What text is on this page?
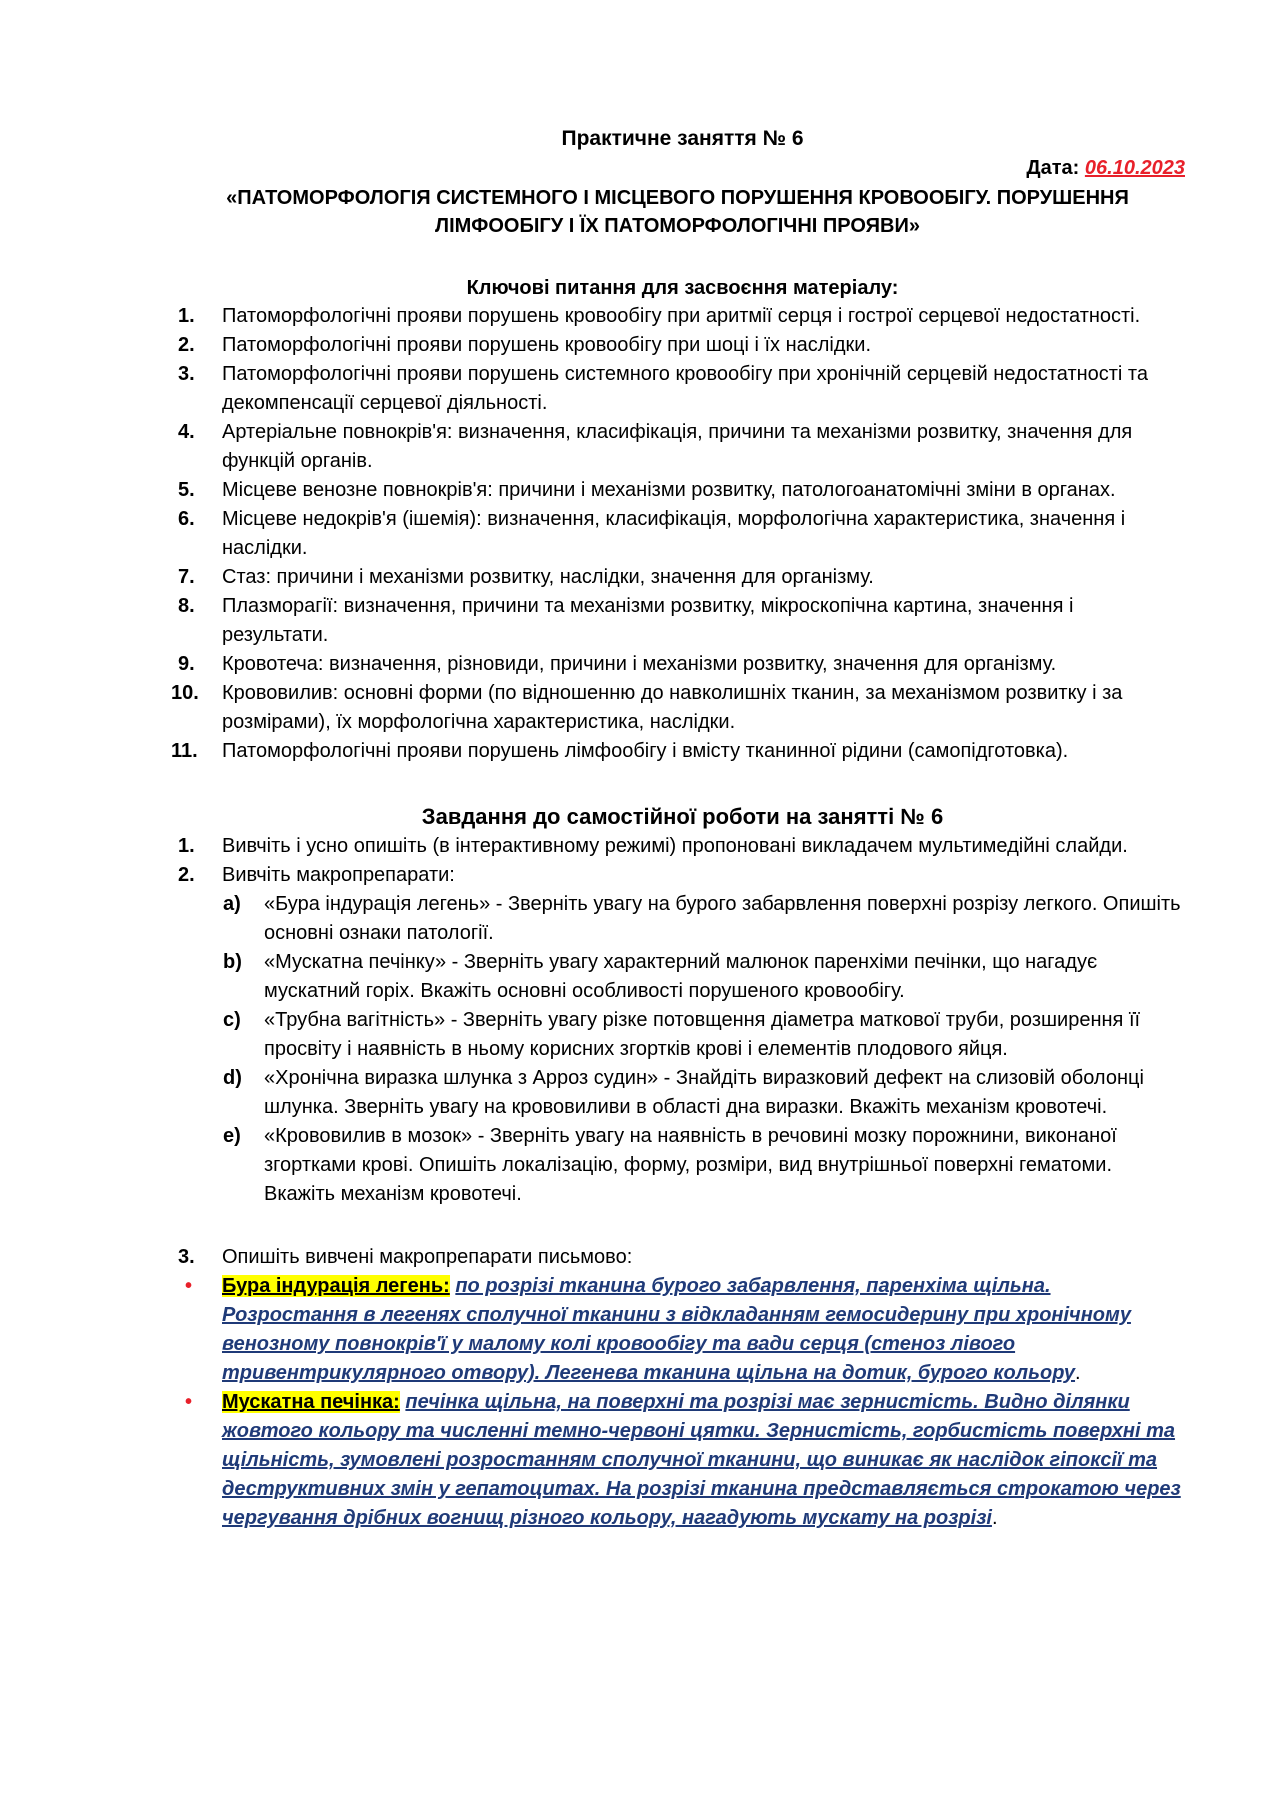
Практичне заняття № 6

Дата: 06.10.2023

«ПАТОМОРФОЛОГІЯ СИСТЕМНОГО І МІСЦЕВОГО ПОРУШЕННЯ КРОВООБІГУ. ПОРУШЕННЯ ЛІМФООБІГУ І ЇХ ПАТОМОРФОЛОГІЧНІ ПРОЯВИ»

Ключові питання для засвоєння матеріалу:

1.	Патоморфологічні прояви порушень кровообігу при аритмії серця і гострої серцевої недостатності.
2.	Патоморфологічні прояви порушень кровообігу при шоці і їх наслідки.
3.	Патоморфологічні прояви порушень системного кровообігу при хронічній серцевій недостатності та декомпенсації серцевої діяльності.
4.	Артеріальне повнокрів'я: визначення, класифікація, причини та механізми розвитку, значення для функцій органів.
5.	Місцеве венозне повнокрів'я: причини і механізми розвитку, патологоанатомічні зміни в органах.
6.	Місцеве недокрів'я (ішемія): визначення, класифікація, морфологічна характеристика, значення і наслідки.
7.	Стаз: причини і механізми розвитку, наслідки, значення для організму.
8.	Плазморагії: визначення, причини та механізми розвитку, мікроскопічна картина, значення і результати.
9.	Кровотеча: визначення, різновиди, причини і механізми розвитку, значення для організму.
10.	Крововилив: основні форми (по відношенню до навколишніх тканин, за механізмом розвитку і за розмірами), їх морфологічна характеристика, наслідки.
11.	Патоморфологічні прояви порушень лімфообігу і вмісту тканинної рідини (самопідготовка).

Завдання до самостійної роботи на занятті № 6

1.	Вивчіть і усно опишіть (в інтерактивному режимі) пропоновані викладачем мультимедійні слайди.
2.	Вивчіть макропрепарати:
a) «Бура індурація легень» - Зверніть увагу на бурого забарвлення поверхні розрізу легкого. Опишіть основні ознаки патології.
b) «Мускатна печінку» - Зверніть увагу характерний малюнок паренхіми печінки, що нагадує мускатний горіх. Вкажіть основні особливості порушеного кровообігу.
c) «Трубна вагітність» - Зверніть увагу різке потовщення діаметра маткової труби, розширення її просвіту і наявність в ньому корисних згортків крові і елементів плодового яйця.
d) «Хронічна виразка шлунка з Арроз судин» - Знайдіть виразковий дефект на слизовій оболонці шлунка. Зверніть увагу на крововиливи в області дна виразки. Вкажіть механізм кровотечі.
e) «Крововилив в мозок» - Зверніть увагу на наявність в речовині мозку порожнини, виконаної згортками крові. Опишіть локалізацію, форму, розміри, вид внутрішньої поверхні гематоми. Вкажіть механізм кровотечі.
3.	Опишіть вивчені макропрепарати письмово:
• Бура індурація легень: по розрізі тканина бурого забарвлення, паренхіма щільна. Розростання в легенях сполучної тканини з відкладанням гемосидерину при хронічному венозному повнокрів'ї у малому колі кровообігу та вади серця (стеноз лівого тривентрикулярного отвору). Легенева тканина щільна на дотик, бурого кольору.
• Мускатна печінка: печінка щільна, на поверхні та розрізі має зернистість. Видно ділянки жовтого кольору та численні темно-червоні цятки. Зернистість, горбистість поверхні та щільність, зумовлені розростанням сполучної тканини, що виникає як наслідок гіпоксії та деструктивних змін у гепатоцитах. На розрізі тканина представляється строкатою через чергування дрібних вогнищ різного кольору, нагадують мускату на розрізі.
